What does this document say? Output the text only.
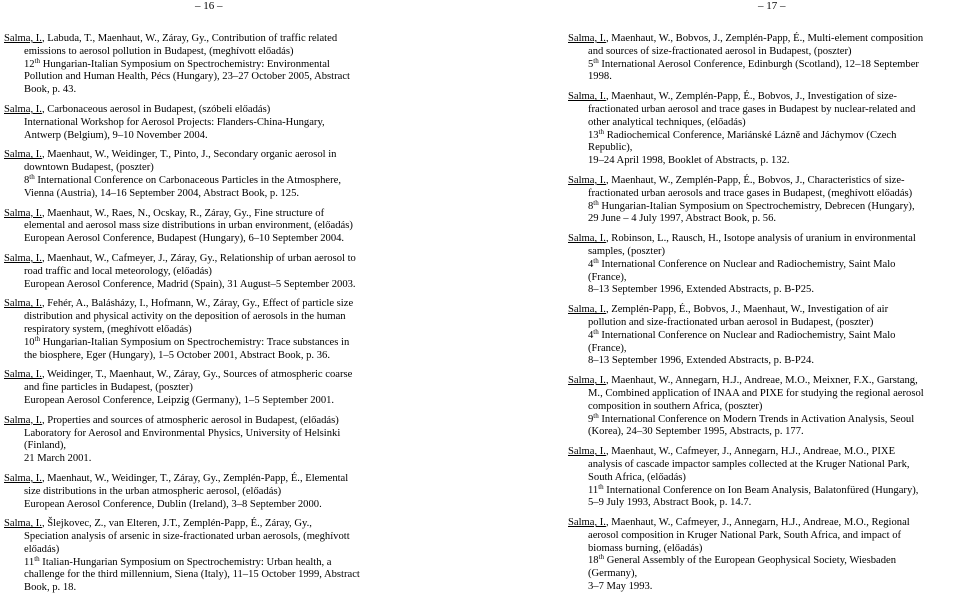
– 16 –	– 17 –
Salma, I., Labuda, T., Maenhaut, W., Záray, Gy., Contribution of traffic related
emissions to aerosol pollution in Budapest, (meghívott előadás)
12th Hungarian-Italian Symposium on Spectrochemistry: Environmental
Pollution and Human Health, Pécs (Hungary), 23–27 October 2005, Abstract
Book, p. 43.
Salma, I., Carbonaceous aerosol in Budapest, (szóbeli előadás)
International Workshop for Aerosol Projects: Flanders-China-Hungary,
Antwerp (Belgium), 9–10 November 2004.
Salma, I., Maenhaut, W., Weidinger, T., Pinto, J., Secondary organic aerosol in
downtown Budapest, (poszter)
8th International Conference on Carbonaceous Particles in the Atmosphere,
Vienna (Austria), 14–16 September 2004, Abstract Book, p. 125.
Salma, I., Maenhaut, W., Raes, N., Ocskay, R., Záray, Gy., Fine structure of
elemental and aerosol mass size distributions in urban environment, (előadás)
European Aerosol Conference, Budapest (Hungary), 6–10 September 2004.
Salma, I., Maenhaut, W., Cafmeyer, J., Záray, Gy., Relationship of urban aerosol to
road traffic and local meteorology, (előadás)
European Aerosol Conference, Madrid (Spain), 31 August–5 September 2003.
Salma, I., Fehér, A., Balásházy, I., Hofmann, W., Záray, Gy., Effect of particle size
distribution and physical activity on the deposition of aerosols in the human
respiratory system, (meghívott előadás)
10th Hungarian-Italian Symposium on Spectrochemistry: Trace substances in
the biosphere, Eger (Hungary), 1–5 October 2001, Abstract Book, p. 36.
Salma, I., Weidinger, T., Maenhaut, W., Záray, Gy., Sources of atmospheric coarse
and fine particles in Budapest, (poszter)
European Aerosol Conference, Leipzig (Germany), 1–5 September 2001.
Salma, I., Properties and sources of atmospheric aerosol in Budapest, (előadás)
Laboratory for Aerosol and Environmental Physics, University of Helsinki
(Finland),
21 March 2001.
Salma, I., Maenhaut, W., Weidinger, T., Záray, Gy., Zemplén-Papp, É., Elemental
size distributions in the urban atmospheric aerosol, (előadás)
European Aerosol Conference, Dublin (Ireland), 3–8 September 2000.
Salma, I., Šlejkovec, Z., van Elteren, J.T., Zemplén-Papp, É., Záray, Gy.,
Speciation analysis of arsenic in size-fractionated urban aerosols, (meghívott
előadás)
11th Italian-Hungarian Symposium on Spectrochemistry: Urban health, a
challenge for the third millennium, Siena (Italy), 11–15 October 1999, Abstract
Book, p. 18.
Salma, I., Maenhaut, W., Bobvos, J., Zemplén-Papp, É., Multi-element composition
and sources of size-fractionated aerosol in Budapest, (poszter)
5th International Aerosol Conference, Edinburgh (Scotland), 12–18 September
1998.
Salma, I., Maenhaut, W., Zemplén-Papp, É., Bobvos, J., Investigation of size-
fractionated urban aerosol and trace gases in Budapest by nuclear-related and
other analytical techniques, (előadás)
13th Radiochemical Conference, Mariánské Lázně and Jáchymov (Czech
Republic),
19–24 April 1998, Booklet of Abstracts, p. 132.
Salma, I., Maenhaut, W., Zemplén-Papp, É., Bobvos, J., Characteristics of size-
fractionated urban aerosols and trace gases in Budapest, (meghívott előadás)
8th Hungarian-Italian Symposium on Spectrochemistry, Debrecen (Hungary),
29 June – 4 July 1997, Abstract Book, p. 56.
Salma, I., Robinson, L., Rausch, H., Isotope analysis of uranium in environmental
samples, (poszter)
4th International Conference on Nuclear and Radiochemistry, Saint Malo
(France),
8–13 September 1996, Extended Abstracts, p. B-P25.
Salma, I., Zemplén-Papp, É., Bobvos, J., Maenhaut, W., Investigation of air
pollution and size-fractionated urban aerosol in Budapest, (poszter)
4th International Conference on Nuclear and Radiochemistry, Saint Malo
(France),
8–13 September 1996, Extended Abstracts, p. B-P24.
Salma, I., Maenhaut, W., Annegarn, H.J., Andreae, M.O., Meixner, F.X., Garstang,
M., Combined application of INAA and PIXE for studying the regional aerosol
composition in southern Africa, (poszter)
9th International Conference on Modern Trends in Activation Analysis, Seoul
(Korea), 24–30 September 1995, Abstracts, p. 177.
Salma, I., Maenhaut, W., Cafmeyer, J., Annegarn, H.J., Andreae, M.O., PIXE
analysis of cascade impactor samples collected at the Kruger National Park,
South Africa, (előadás)
11th International Conference on Ion Beam Analysis, Balatonfüred (Hungary),
5–9 July 1993, Abstract Book, p. 14.7.
Salma, I., Maenhaut, W., Cafmeyer, J., Annegarn, H.J., Andreae, M.O., Regional
aerosol composition in Kruger National Park, South Africa, and impact of
biomass burning, (előadás)
18th General Assembly of the European Geophysical Society, Wiesbaden
(Germany),
3–7 May 1993.
